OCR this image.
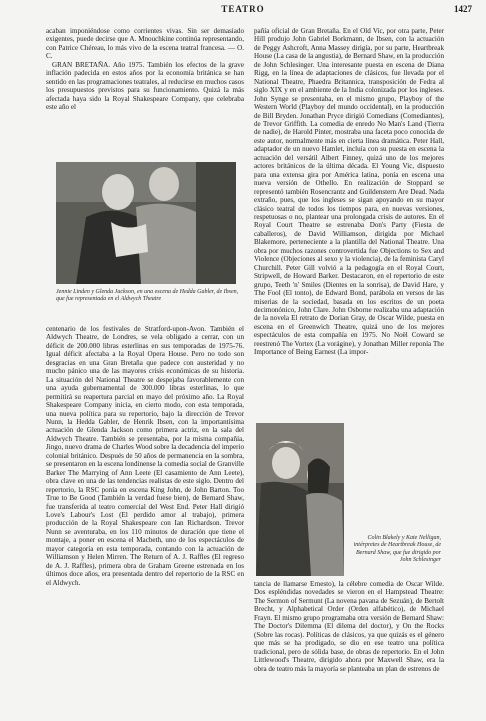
TEATRO	1427

acaban imponiéndose como corrientes vivas. Sin ser demasiado exigentes, puede decirse que A. Mnouchkine continúa representando, con Patrice Chéreau, lo más vivo de la escena teatral francesa. — O. C.

GRAN BRETAÑA. Año 1975. También los efectos de la grave inflación padecida en estos años por la economía británica se han sentido en las programaciones teatrales, al reducirse en muchos casos los presupuestos previstos para su funcionamiento. Quizá la más afectada haya sido la Royal Shakespeare Company, que celebraba este año el

Jennie Linden y Glenda Jackson, en una escena de Hedda Gabler, de Ibsen, que fue representada en el Aldwych Theatre

centenario de los festivales de Stratford-upon-Avon. También el Aldwych Theatre, de Londres, se vela obligado a cerrar, con un déficit de 200.000 libras esterlinas en sus temporadas de 1975-76. Igual déficit afectaba a la Royal Opera House. Pero no todo son desgracias en una Gran Bretaña que padece con austeridad y no mucho pánico una de las mayores crisis económicas de su historia. La situación del National Theatre se despejaba favorablemente con una ayuda gubernamental de 300.000 libras esterlinas, lo que permitirá su reapertura parcial en mayo del próximo año. La Royal Shakespeare Company inicia, en cierto modo, con esta temporada, una nueva política para su repertorio, bajo la dirección de Trevor Nunn, la Hedda Gabler, de Henrik Ibsen, con la importantísima actuación de Glenda Jackson como primera actriz, en la sala del Aldwych Theatre. También se presentaba, por la misma compañía, Jingo, nuevo drama de Charles Wood sobre la decadencia del imperio colonial británico. Después de 50 años de permanencia en la sombra, se presentaron en la escena londinense la comedia social de Granville Barker The Marrying of Ann Leete (El casamiento de Ann Leete), obra clave en una de las tendencias realistas de este siglo. Dentro del repertorio, la RSC ponía en escena King John, de John Barton. Too True to Be Good (También la verdad fuese bien), de Bernard Shaw, fue transferida al teatro comercial del West End. Peter Hall dirigió Love's Labour's Lost (El perdido amor al trabajo), primera producción de la Royal Shakespeare con Ian Richardson. Trevor Nunn se aventuraba, en los 110 minutos de duración que tiene el montaje, a poner en escena el Macbeth, uno de los espectáculos de mayor categoría en esta temporada, contando con la actuación de Williamson y Helen Mirren. The Return of A. J. Raffles (El regreso de A. J. Raffles), primera obra de Graham Greene estrenada en los últimos doce años, era presentada dentro del repertorio de la RSC en el Aldwych.

pañía oficial de Gran Bretaña. En el Old Vic, por otra parte, Peter Hill produjo John Gabriel Borkmann, de Ibsen, con la actuación de Peggy Ashcroft, Anna Massey dirigía, por su parte, Heartbreak House (La casa de la angustia), de Bernard Shaw, en la producción de John Schlesinger. Una interesante puesta en escena de Diana Rigg, en la línea de adaptaciones de clásicos, fue llevada por el National Theatre, Phaedra Britannica, transposición de Fedra al siglo XIX y en el ambiente de la India colonizada por los ingleses. John Synge se presentaba, en el mismo grupo, Playboy of the Western World (Playboy del mundo occidental), en la producción de Bill Bryden. Jonathan Pryce dirigió Comedians (Comediantes), de Trevor Griffith. La comedia de enredo No Man's Land (Tierra de nadie), de Harold Pinter, mostraba una faceta poco conocida de este autor, normalmente más en cierta línea dramática. Peter Hall, adaptador de un nuevo Hamlet, incluía con su puesta en escena la actuación del versátil Albert Finney, quizá uno de los mejores actores británicos de la última década. El Young Vic, dispuesto para una extensa gira por América latina, ponía en escena una nueva versión de Othello. En realización de Stoppard se representó también Rosencrantz and Guildenstern Are Dead. Nada extraño, pues, que los ingleses se sigan apoyando en su mayor clásico teatral de todos los tiempos para, en nuevas versiones, respetuosas o no, plantear una prolongada crisis de autores. En el Royal Court Theatre se estrenaba Don's Party (Fiesta de caballeros), de David Williamson, dirigida por Michael Blakemore, perteneciente a la plantilla del National Theatre. Una obra por muchos razones controvertida fue Objections to Sex and Violence (Objeciones al sexo y la violencia), de la feminista Caryl Churchill. Peter Gill volvió a la pedagogía en el Royal Court, Stripwell, de Howard Barker. Destacaron, en el repertorio de este grupo, Teeth 'n' Smiles (Dientes en la sonrisa), de David Hare, y The Fool (El tonto), de Edward Bond, parábola en versos de las miserias de la sociedad, basada en los escritos de un poeta decimonónico, John Clare. John Osborne realizaba una adaptación de la novela El retrato de Dorian Gray, de Oscar Wilde, puesta en escena en el Greenwich Theatre, quizá uno de los mejores espectáculos de esta compañía en 1975. No Noël Coward se reestrenó The Vortex (La vorágine), y Jonathan Miller reponía The Importance of Being Earnest (La impor-

Colin Blakely y Kate Nelligan, intérpretes de Heartbreak House, de Bernard Shaw, que fue dirigido por John Schlesinger

tancia de llamarse Ernesto), la célebre comedia de Oscar Wilde. Dos espléndidas novedades se vieron en el Hampstead Theatre: The Sermon of Sermunt (La novena pavana de Sezuán), de Bertolt Brecht, y Alphabetical Order (Orden alfabético), de Michael Frayn. El mismo grupo programaba otra versión de Bernard Shaw: The Doctor's Dilemma (El dilema del doctor), y On the Rocks (Sobre las rocas). Políticas de clásicos, ya que quizás es el género que más se ha prodigado, se dio en ese teatro una política tradicional, pero de sólida base, de obras de repertorio. En el John Littlewood's Theatre, dirigido ahora por Maxwell Shaw, era la obra de teatro más la mayoría se planteaba un plan de estrenos de
